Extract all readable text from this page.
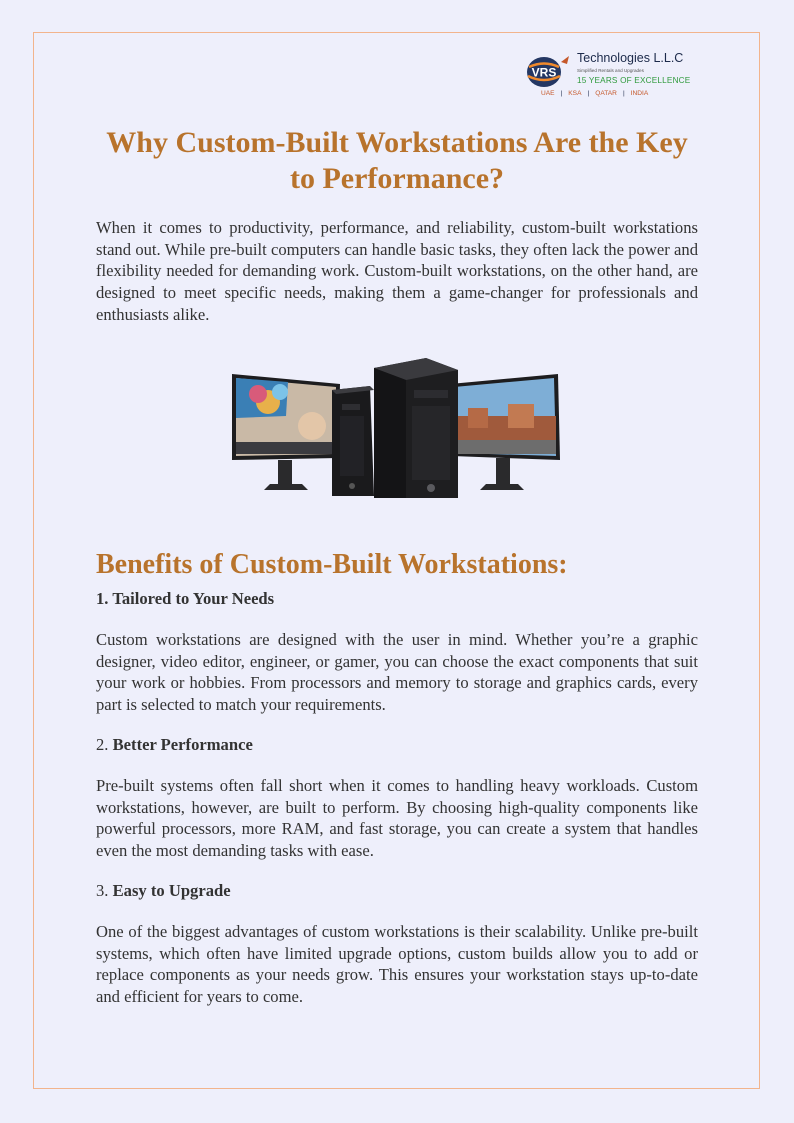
VRS
Technologies L.L.C
Simplified Rentals and Upgrades
15 YEARS OF EXCELLENCE
UAE | KSA | QATAR | INDIA
Why Custom-Built Workstations Are the Key to Performance?

When it comes to productivity, performance, and reliability, custom-built workstations stand out. While pre-built computers can handle basic tasks, they often lack the power and flexibility needed for demanding work. Custom-built workstations, on the other hand, are designed to meet specific needs, making them a game-changer for professionals and enthusiasts alike.

Benefits of Custom-Built Workstations:

1. Tailored to Your Needs

Custom workstations are designed with the user in mind. Whether you’re a graphic designer, video editor, engineer, or gamer, you can choose the exact components that suit your work or hobbies. From processors and memory to storage and graphics cards, every part is selected to match your requirements.

2. Better Performance

Pre-built systems often fall short when it comes to handling heavy workloads. Custom workstations, however, are built to perform. By choosing high-quality components like powerful processors, more RAM, and fast storage, you can create a system that handles even the most demanding tasks with ease.

3. Easy to Upgrade

One of the biggest advantages of custom workstations is their scalability. Unlike pre-built systems, which often have limited upgrade options, custom builds allow you to add or replace components as your needs grow. This ensures your workstation stays up-to-date and efficient for years to come.
